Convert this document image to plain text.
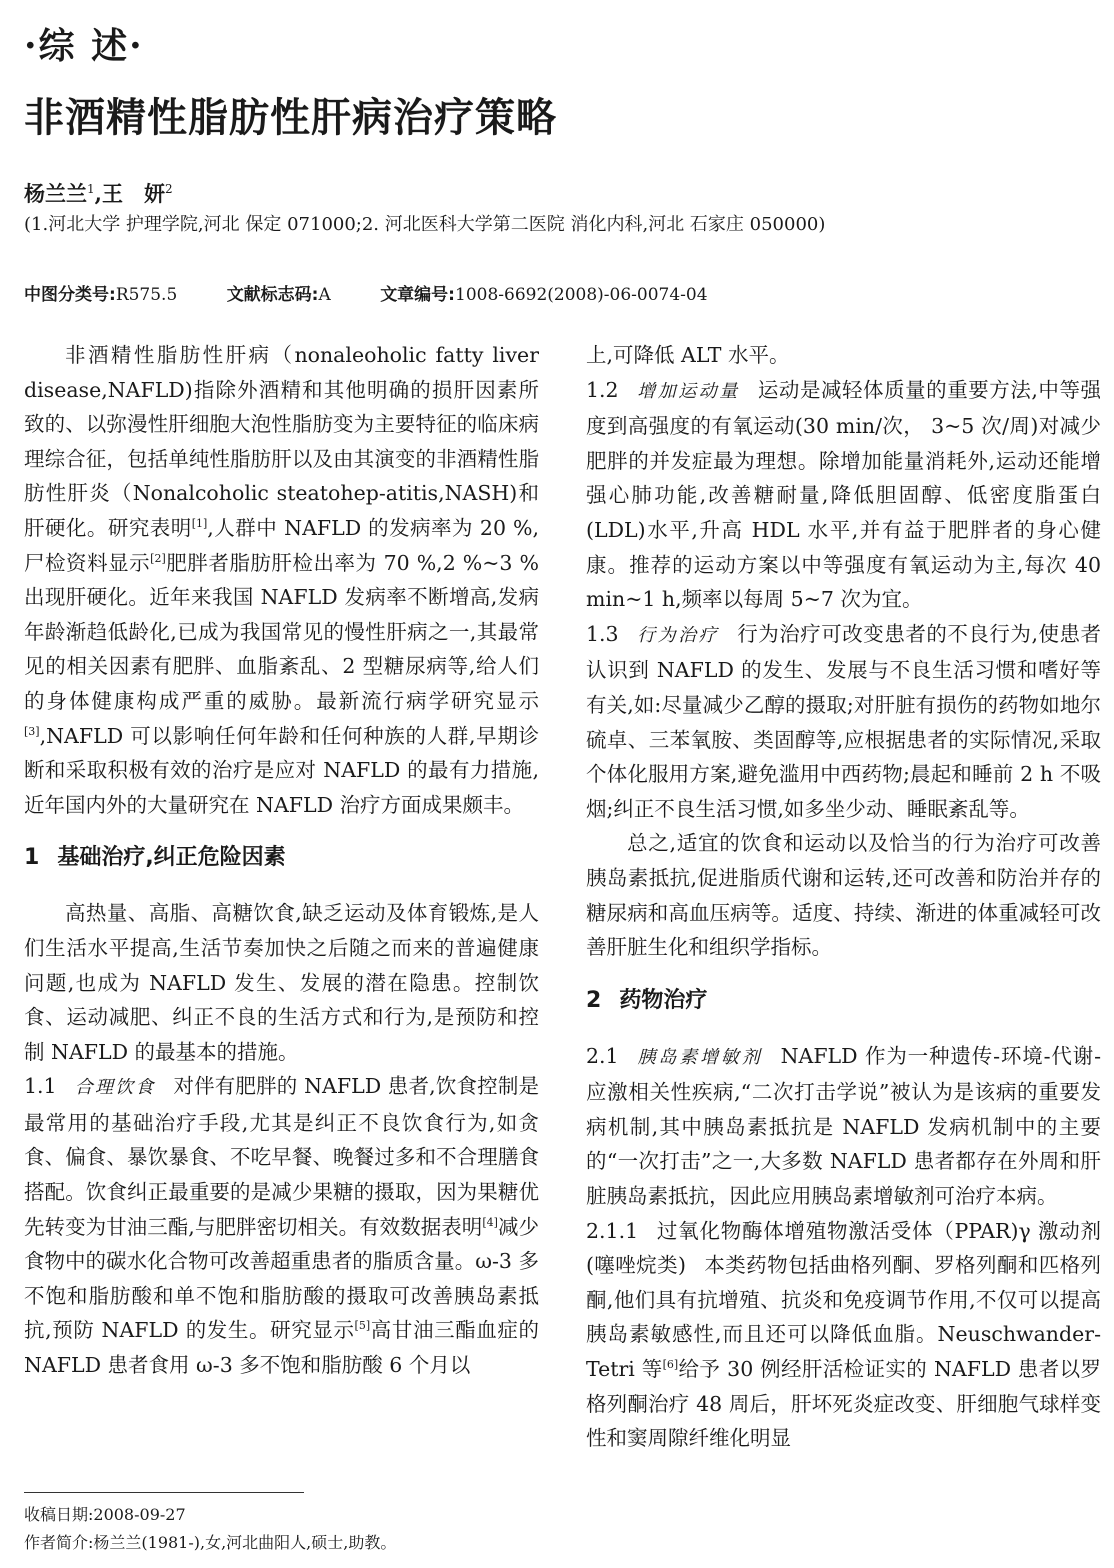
·综 述·
非酒精性脂肪性肝病治疗策略
杨兰兰$^1$,王　妍$^2$
(1.河北大学 护理学院,河北 保定 071000;2. 河北医科大学第二医院 消化内科,河北 石家庄 050000)
中图分类号:R575.5	文献标志码:A	文章编号:1008-6692(2008)-06-0074-04

非酒精性脂肪性肝病（nonaleoholic fatty liver disease,NAFLD)指除外酒精和其他明确的损肝因素所致的、以弥漫性肝细胞大泡性脂肪变为主要特征的临床病理综合征，包括单纯性脂肪肝以及由其演变的非酒精性脂肪性肝炎（Nonalcoholic steatohep-atitis,NASH)和肝硬化。研究表明[1],人群中 NAFLD 的发病率为 20 %,尸检资料显示[2]肥胖者脂肪肝检出率为 70 %,2 %~3 %出现肝硬化。近年来我国 NAFLD 发病率不断增高,发病年龄渐趋低龄化,已成为我国常见的慢性肝病之一,其最常见的相关因素有肥胖、血脂紊乱、2 型糖尿病等,给人们的身体健康构成严重的威胁。最新流行病学研究显示[3],NAFLD 可以影响任何年龄和任何种族的人群,早期诊断和采取积极有效的治疗是应对 NAFLD 的最有力措施,近年国内外的大量研究在 NAFLD 治疗方面成果颇丰。

1 基础治疗,纠正危险因素

高热量、高脂、高糖饮食,缺乏运动及体育锻炼,是人们生活水平提高,生活节奏加快之后随之而来的普遍健康问题,也成为 NAFLD 发生、发展的潜在隐患。控制饮食、运动减肥、纠正不良的生活方式和行为,是预防和控制 NAFLD 的最基本的措施。

1.1 合理饮食 对伴有肥胖的 NAFLD 患者,饮食控制是最常用的基础治疗手段,尤其是纠正不良饮食行为,如贪食、偏食、暴饮暴食、不吃早餐、晚餐过多和不合理膳食搭配。饮食纠正最重要的是减少果糖的摄取，因为果糖优先转变为甘油三酯,与肥胖密切相关。有效数据表明[4]减少食物中的碳水化合物可改善超重患者的脂质含量。ω-3 多不饱和脂肪酸和单不饱和脂肪酸的摄取可改善胰岛素抵抗,预防 NAFLD 的发生。研究显示[5]高甘油三酯血症的 NAFLD 患者食用 ω-3 多不饱和脂肪酸 6 个月以

收稿日期:2008-09-27
作者简介:杨兰兰(1981-),女,河北曲阳人,硕士,助教。

上,可降低 ALT 水平。

1.2 增加运动量 运动是减轻体质量的重要方法,中等强度到高强度的有氧运动(30 min/次， 3~5 次/周)对减少肥胖的并发症最为理想。除增加能量消耗外,运动还能增强心肺功能,改善糖耐量,降低胆固醇、低密度脂蛋白(LDL)水平,升高 HDL 水平,并有益于肥胖者的身心健康。推荐的运动方案以中等强度有氧运动为主,每次 40 min~1 h,频率以每周 5~7 次为宜。

1.3 行为治疗 行为治疗可改变患者的不良行为,使患者认识到 NAFLD 的发生、发展与不良生活习惯和嗜好等有关,如:尽量减少乙醇的摄取;对肝脏有损伤的药物如地尔硫卓、三苯氧胺、类固醇等,应根据患者的实际情况,采取个体化服用方案,避免滥用中西药物;晨起和睡前 2 h 不吸烟;纠正不良生活习惯,如多坐少动、睡眠紊乱等。

总之,适宜的饮食和运动以及恰当的行为治疗可改善胰岛素抵抗,促进脂质代谢和运转,还可改善和防治并存的糖尿病和高血压病等。适度、持续、渐进的体重减轻可改善肝脏生化和组织学指标。

2 药物治疗

2.1 胰岛素增敏剂 NAFLD 作为一种遗传-环境-代谢-应激相关性疾病,“二次打击学说”被认为是该病的重要发病机制,其中胰岛素抵抗是 NAFLD 发病机制中的主要的“一次打击”之一,大多数 NAFLD 患者都存在外周和肝脏胰岛素抵抗，因此应用胰岛素增敏剂可治疗本病。

2.1.1 过氧化物酶体增殖物激活受体（PPAR)γ 激动剂(噻唑烷类) 本类药物包括曲格列酮、罗格列酮和匹格列酮,他们具有抗增殖、抗炎和免疫调节作用,不仅可以提高胰岛素敏感性,而且还可以降低血脂。Neuschwander-Tetri 等[6]给予 30 例经肝活检证实的 NAFLD 患者以罗格列酮治疗 48 周后，肝坏死炎症改变、肝细胞气球样变性和窦周隙纤维化明显
